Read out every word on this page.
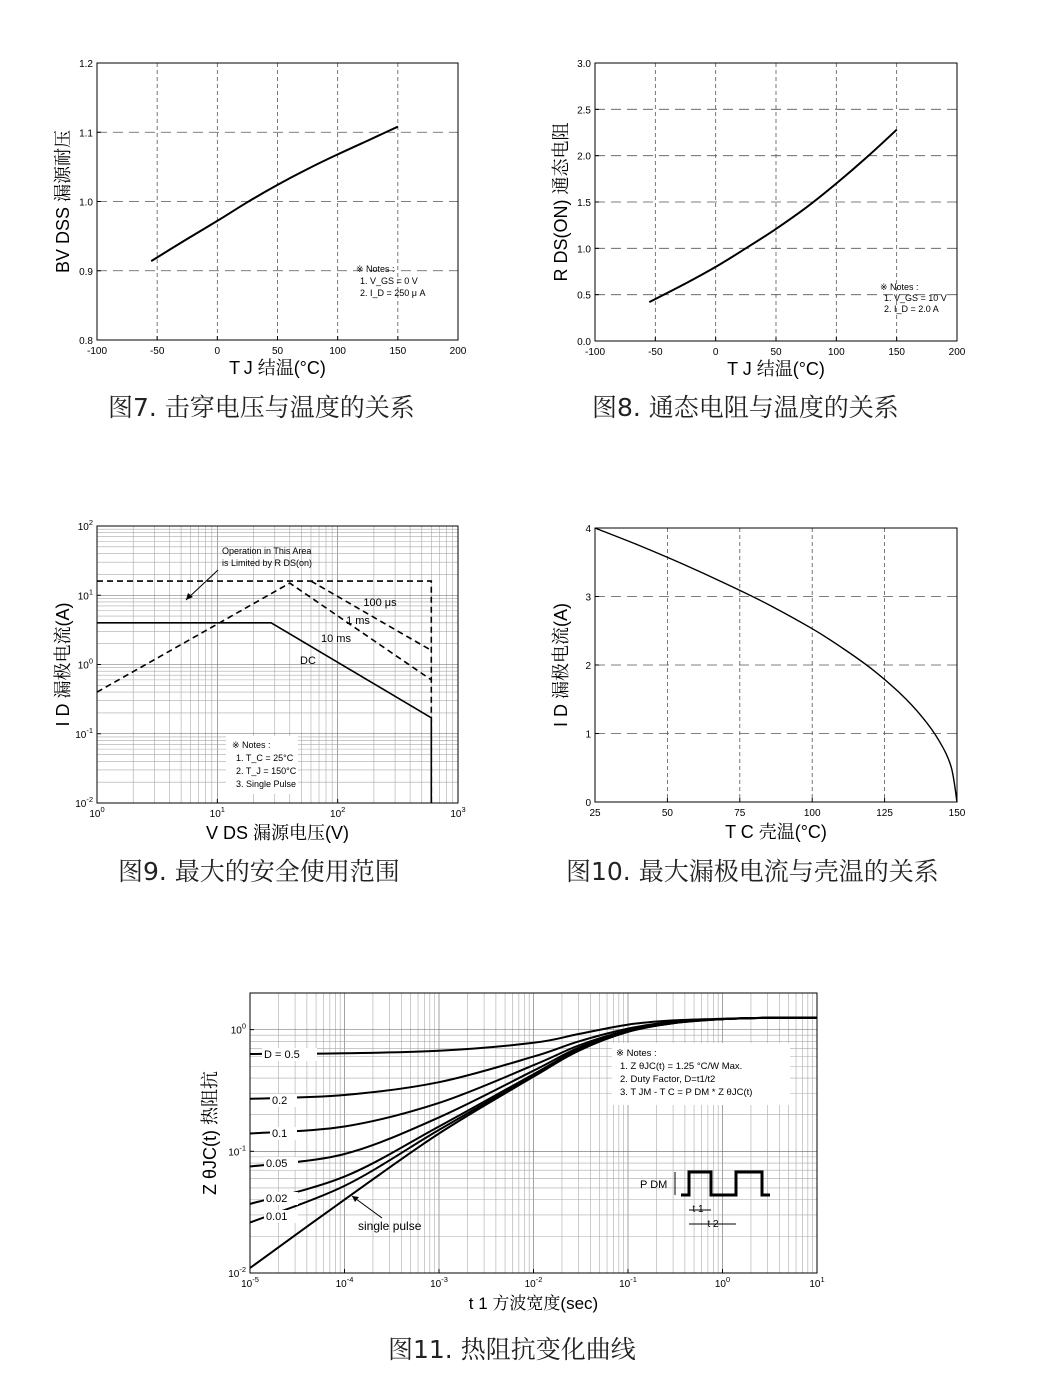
-100	-50	0	50	100	150	200
0.8
0.9
1.0
1.1
1.2
T J 结温(°C)
BV DSS 漏源耐压	※ Notes :
1. V_GS = 0 V
2. I_D = 250 μ A
-100	-50	0	50	100	150	200
0.0
0.5
1.0
1.5
2.0
2.5
3.0
T J 结温(°C)
R DS(ON) 通态电阻
※ Notes :
1. V_GS = 10 V
2. I_D = 2.0 A
$10^0$	$10^1$	$10^2$	$10^3$
$10^{-2}$
$10^{-1}$
$10^0$
$10^1$
$10^2$
DC
10 ms
1 ms
100 μs
Operation in This Area
is Limited by R DS(on)
V DS 漏源电压(V)
I D 漏极电流(A)
※ Notes :
1. T_C = 25°C
2. T_J = 150°C
3. Single Pulse
25	50	75	100	125	150
0
1
2
3
4
T C 壳温(°C)
I D 漏极电流(A)
$10^{-5}$	$10^{-4}$	$10^{-3}$	$10^{-2}$	$10^{-1}$	$10^0$	$10^1$
$10^{-2}$
$10^{-1}$
$10^0$
D = 0.5
0.2
0.1
0.05
0.02
0.01
single pulse
※ Notes :
1. Z θJC(t) = 1.25 °C/W Max.
2. Duty Factor, D=t1/t2
3. T JM - T C = P DM * Z θJC(t)
P DM
t 1
t 2
t 1 方波宽度(sec)
Z θJC(t) 热阻抗
图7. 击穿电压与温度的关系	图8. 通态电阻与温度的关系
图9. 最大的安全使用范围	图10. 最大漏极电流与壳温的关系
图11. 热阻抗变化曲线
